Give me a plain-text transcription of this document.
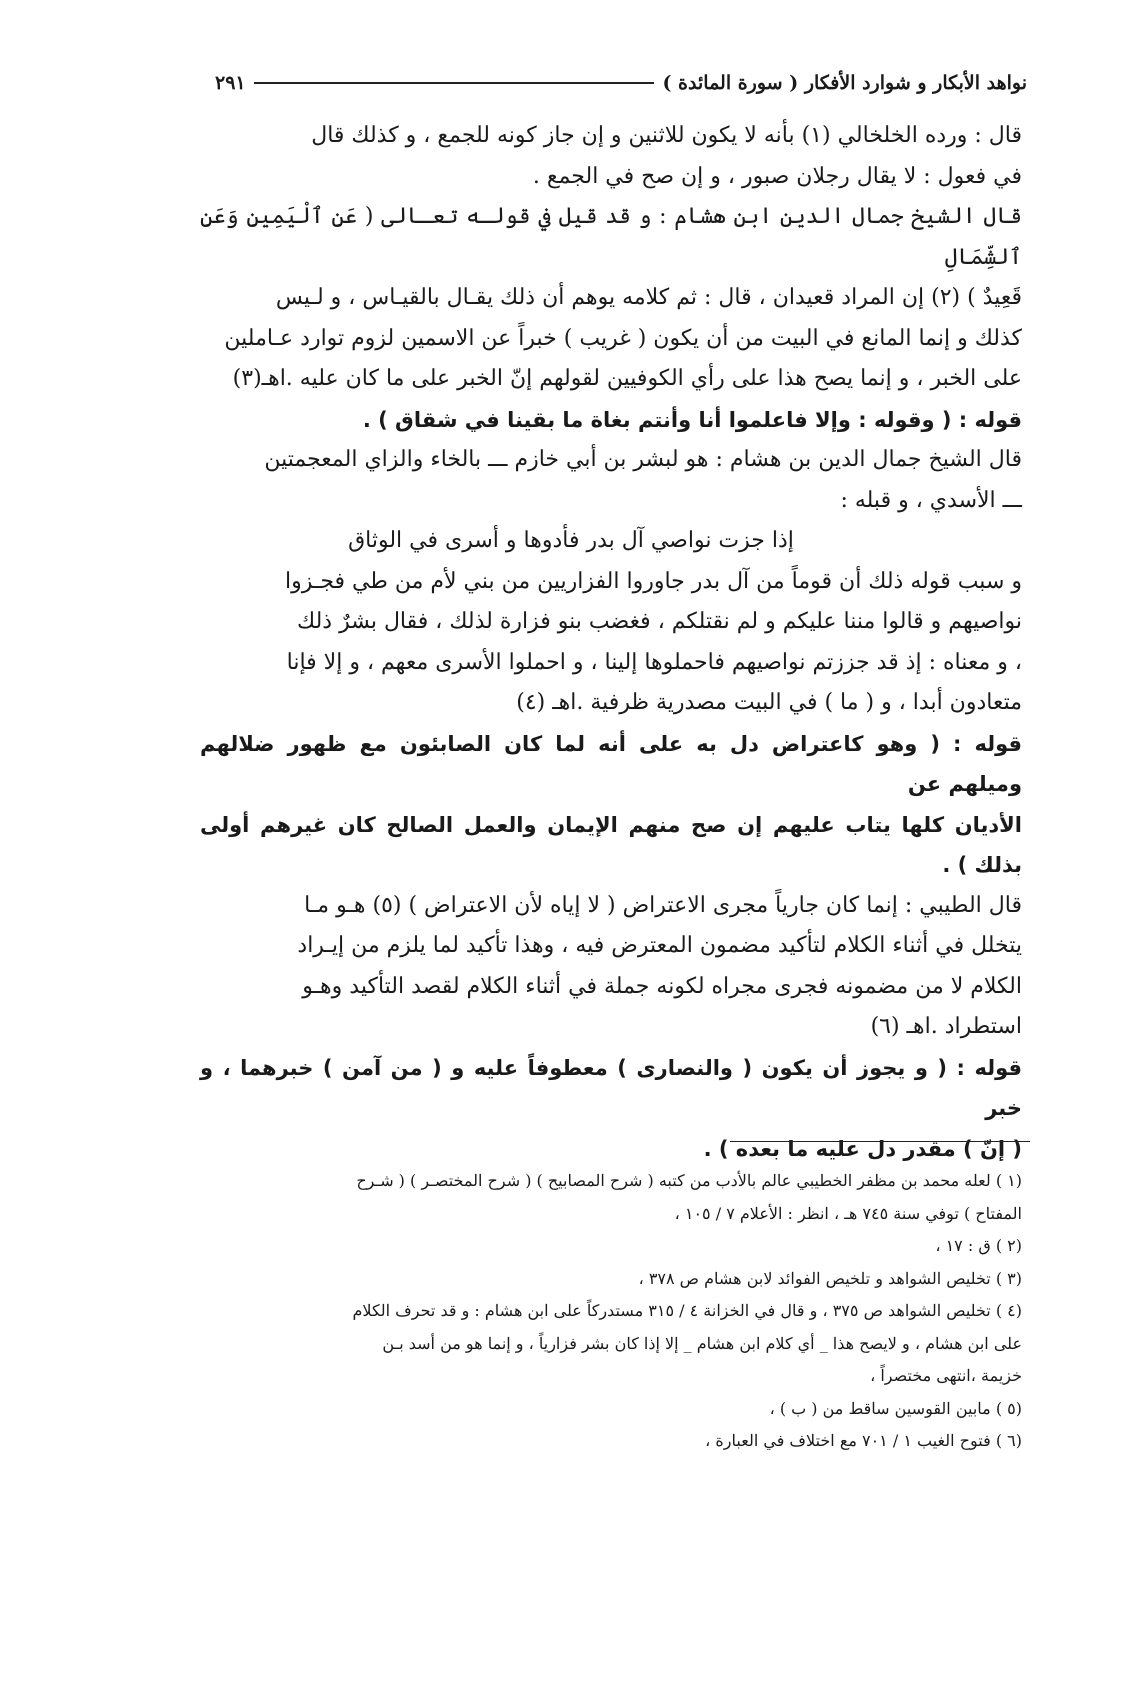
نواهد الأبكار و شوارد الأفكار ( سورة المائدة )
٢٩١

قال : ورده الخلخالي (١) بأنه لا يكون للاثنين و إن جاز كونه للجمع ، و كذلك قال

في فعول : لا يقال رجلان صبور ، و إن صح في الجمع .

قال الشيخ جمال الدين ابن هشام : و قد قيل في قولـه تعـالى ( عَنِ ٱلْيَمِينِ وَعَنِ ٱلشِّمَالِ

قَعِيدٌ ) (٢) إن المراد قعيدان ، قال : ثم كلامه يوهم أن ذلك يقـال بالقيـاس ، و لـيس

كذلك و إنما المانع في البيت من أن يكون ( غريب ) خبراً عن الاسمين لزوم توارد عـاملين

على الخبر ، و إنما يصح هذا على رأي الكوفيين لقولهم إنّ الخبر على ما كان عليه .اهـ(٣)

قوله : ( وقوله : وإلا فاعلموا أنا وأنتم بغاة ما بقينا في شقاق ) .

قال الشيخ جمال الدين بن هشام : هو لبشر بن أبي خازم ـــ بالخاء والزاي المعجمتين

ـــ الأسدي ، و قبله :

إذا جزت نواصي آل بدر فأدوها و أسرى في الوثاق

و سبب قوله ذلك أن قوماً من آل بدر جاوروا الفزاريين من بني لأم من طي فجـزوا

نواصيهم و قالوا مننا عليكم و لم نقتلكم ، فغضب بنو فزارة لذلك ، فقال بشرٌ ذلك

، و معناه : إذ قد جززتم نواصيهم فاحملوها إلينا ، و احملوا الأسرى معهم ، و إلا فإنا

متعادون أبدا ، و ( ما ) في البيت مصدرية ظرفية .اهـ (٤)

قوله : ( وهو كاعتراض دل به على أنه لما كان الصابئون مع ظهور ضلالهم وميلهم عن

الأديان كلها يتاب عليهم إن صح منهم الإيمان والعمل الصالح كان غيرهم أولى بذلك ) .

قال الطيبي : إنما كان جارياً مجرى الاعتراض ( لا إياه لأن الاعتراض ) (٥) هـو مـا

يتخلل في أثناء الكلام لتأكيد مضمون المعترض فيه ، وهذا تأكيد لما يلزم من إيـراد

الكلام لا من مضمونه فجرى مجراه لكونه جملة في أثناء الكلام لقصد التأكيد وهـو

استطراد .اهـ (٦)

قوله : ( و يجوز أن يكون ( والنصارى ) معطوفاً عليه و ( من آمن ) خبرهما ، و خبر

( إنّ ) مقدر دل عليه ما بعده ) .

(١ ) لعله محمد بن مظفر الخطيبي عالم بالأدب من كتبه ( شرح المصابيح ) ( شرح المختصـر ) ( شـرح

المفتاح ) توفي سنة ٧٤٥ هـ ، انظر : الأعلام ٧ / ١٠٥ ،

(٢ ) ق : ١٧ ،

(٣ ) تخليص الشواهد و تلخيص الفوائد لابن هشام ص ٣٧٨ ،

(٤ ) تخليص الشواهد ص ٣٧٥ ، و قال في الخزانة ٤ / ٣١٥ مستدركاً على ابن هشام : و قد تحرف الكلام

على ابن هشام ، و لايصح هذا _ أي كلام ابن هشام _ إلا إذا كان بشر فزارياً ، و إنما هو من أسد بـن

خزيمة ،انتهى مختصراً ،

(٥ ) مابين القوسين ساقط من ( ب ) ،

(٦ ) فتوح الغيب ١ / ٧٠١ مع اختلاف في العبارة ،
